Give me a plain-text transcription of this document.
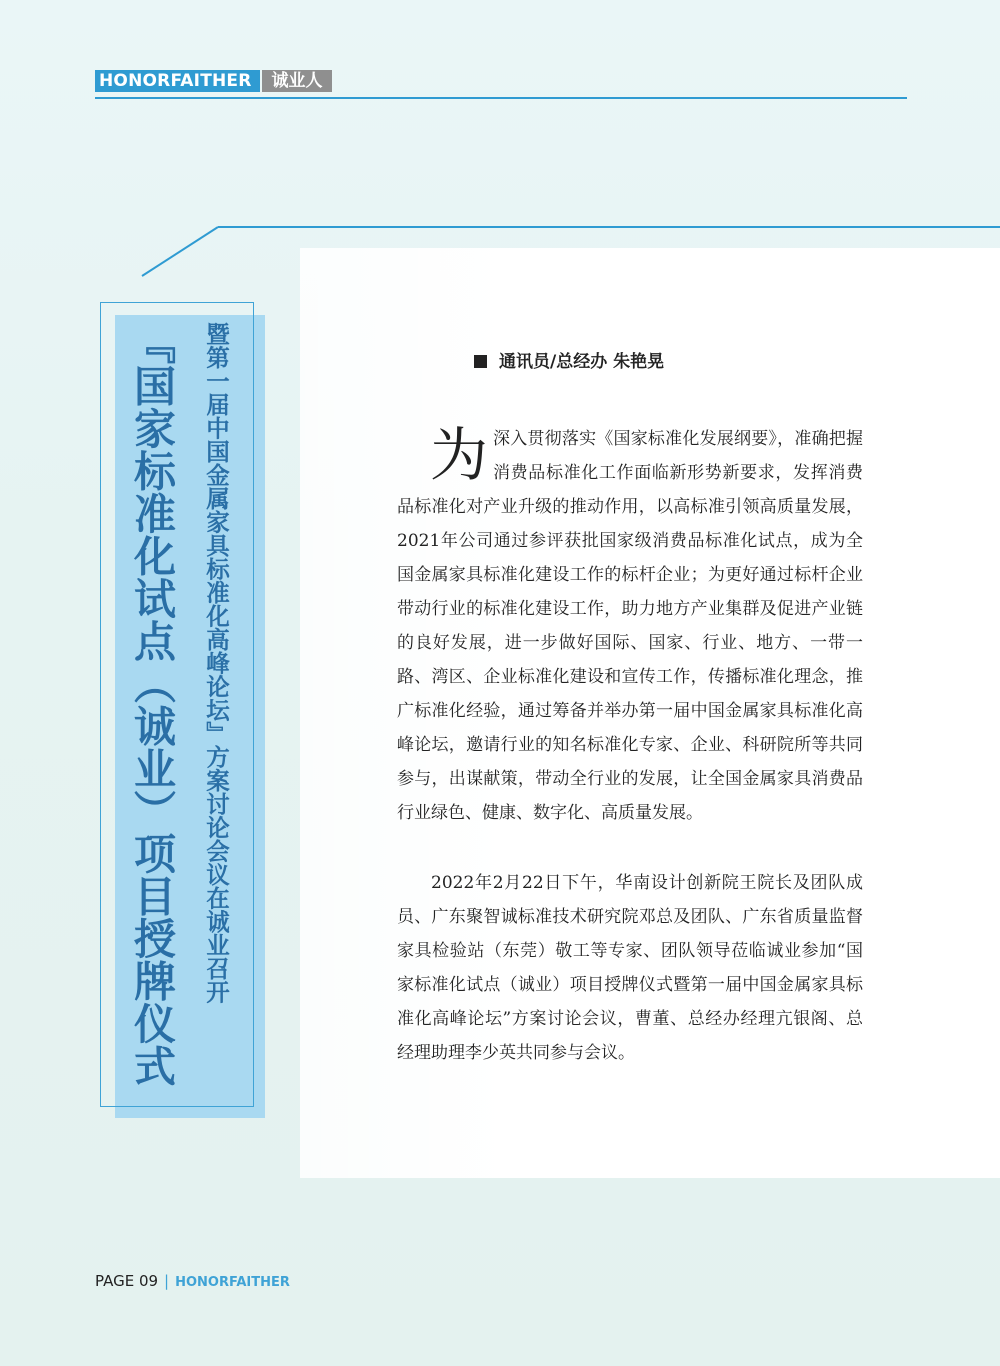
HONORFAITHER	诚业人
『国家标准化试点（诚业）项目授牌仪式	暨第一届中国金属家具标准化高峰论坛』方案讨论会议在诚业召开	通讯员/总经办 朱艳晃
为 深入贯彻落实《国家标准化发展纲要》，准确把握消费品标准化工作面临新形势新要求，发挥消费品标准化对产业升级的推动作用，以高标准引领高质量发展，2021年公司通过参评获批国家级消费品标准化试点，成为全国金属家具标准化建设工作的标杆企业；为更好通过标杆企业带动行业的标准化建设工作，助力地方产业集群及促进产业链的良好发展，进一步做好国际、国家、行业、地方、一带一路、湾区、企业标准化建设和宣传工作，传播标准化理念，推广标准化经验，通过筹备并举办第一届中国金属家具标准化高峰论坛，邀请行业的知名标准化专家、企业、科研院所等共同参与，出谋献策，带动全行业的发展，让全国金属家具消费品行业绿色、健康、数字化、高质量发展。
2022年2月22日下午，华南设计创新院王院长及团队成员、广东聚智诚标准技术研究院邓总及团队、广东省质量监督家具检验站（东莞）敬工等专家、团队领导莅临诚业参加“国家标准化试点（诚业）项目授牌仪式暨第一届中国金属家具标准化高峰论坛”方案讨论会议，曹董、总经办经理亢银阁、总经理助理李少英共同参与会议。
PAGE 09 | HONORFAITHER
